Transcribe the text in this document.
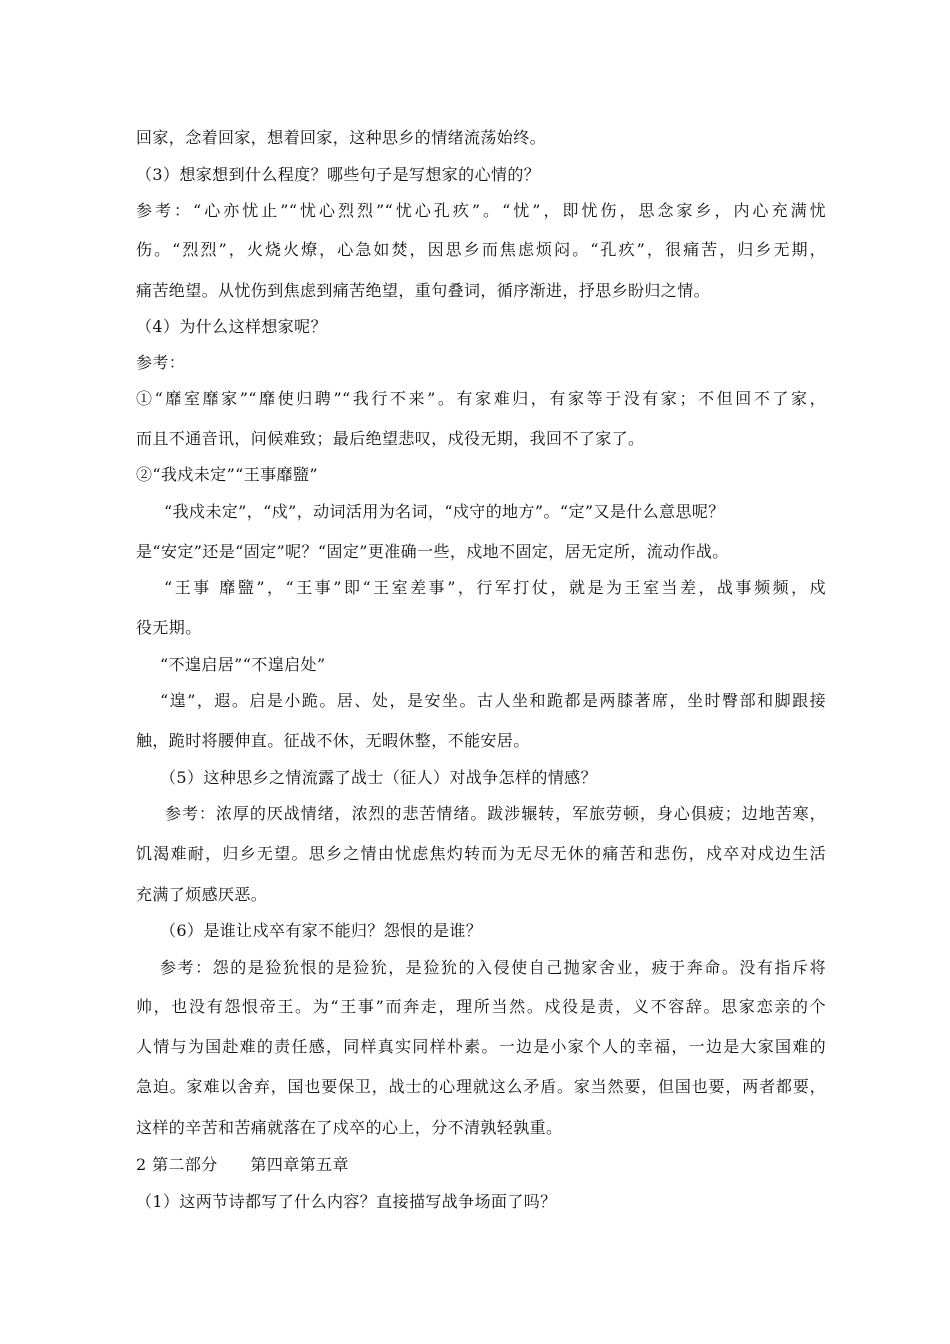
回家，念着回家，想着回家，这种思乡的情绪流荡始终。
（3）想家想到什么程度？哪些句子是写想家的心情的？
参考：“心亦忧止”“忧心烈烈”“忧心孔疚”。“忧”，即忧伤，思念家乡，内心充满忧
伤。“烈烈”，火烧火燎，心急如焚，因思乡而焦虑烦闷。“孔疚”，很痛苦，归乡无期，
痛苦绝望。从忧伤到焦虑到痛苦绝望，重句叠词，循序渐进，抒思乡盼归之情。
（4）为什么这样想家呢？
参考：
①“靡室靡家”“靡使归聘”“我行不来”。有家难归，有家等于没有家；不但回不了家，
而且不通音讯，问候难致；最后绝望悲叹，戍役无期，我回不了家了。
②“我戍未定”“王事靡盬”
“我戍未定”，“戍”，动词活用为名词，“戍守的地方”。“定”又是什么意思呢？
是“安定”还是“固定”呢？“固定”更准确一些，戍地不固定，居无定所，流动作战。
“王事 靡盬”，“王事”即“王室差事”，行军打仗，就是为王室当差，战事频频，戍
役无期。
“不遑启居”“不遑启处”
“遑”，遐。启是小跪。居、处，是安坐。古人坐和跪都是两膝著席，坐时臀部和脚跟接
触，跪时将腰伸直。征战不休，无暇休整，不能安居。
（5）这种思乡之情流露了战士（征人）对战争怎样的情感？
参考：浓厚的厌战情绪，浓烈的悲苦情绪。跋涉辗转，军旅劳顿，身心俱疲；边地苦寒，
饥渴难耐，归乡无望。思乡之情由忧虑焦灼转而为无尽无休的痛苦和悲伤，戍卒对戍边生活
充满了烦感厌恶。
（6）是谁让戍卒有家不能归？怨恨的是谁？
参考：怨的是猃狁恨的是猃狁，是猃狁的入侵使自己抛家舍业，疲于奔命。没有指斥将
帅，也没有怨恨帝王。为“王事”而奔走，理所当然。戍役是责，义不容辞。思家恋亲的个
人情与为国赴难的责任感，同样真实同样朴素。一边是小家个人的幸福，一边是大家国难的
急迫。家难以舍弃，国也要保卫，战士的心理就这么矛盾。家当然要，但国也要，两者都要，
这样的辛苦和苦痛就落在了戍卒的心上，分不清孰轻孰重。
2 第二部分　　第四章第五章
（1）这两节诗都写了什么内容？直接描写战争场面了吗？
